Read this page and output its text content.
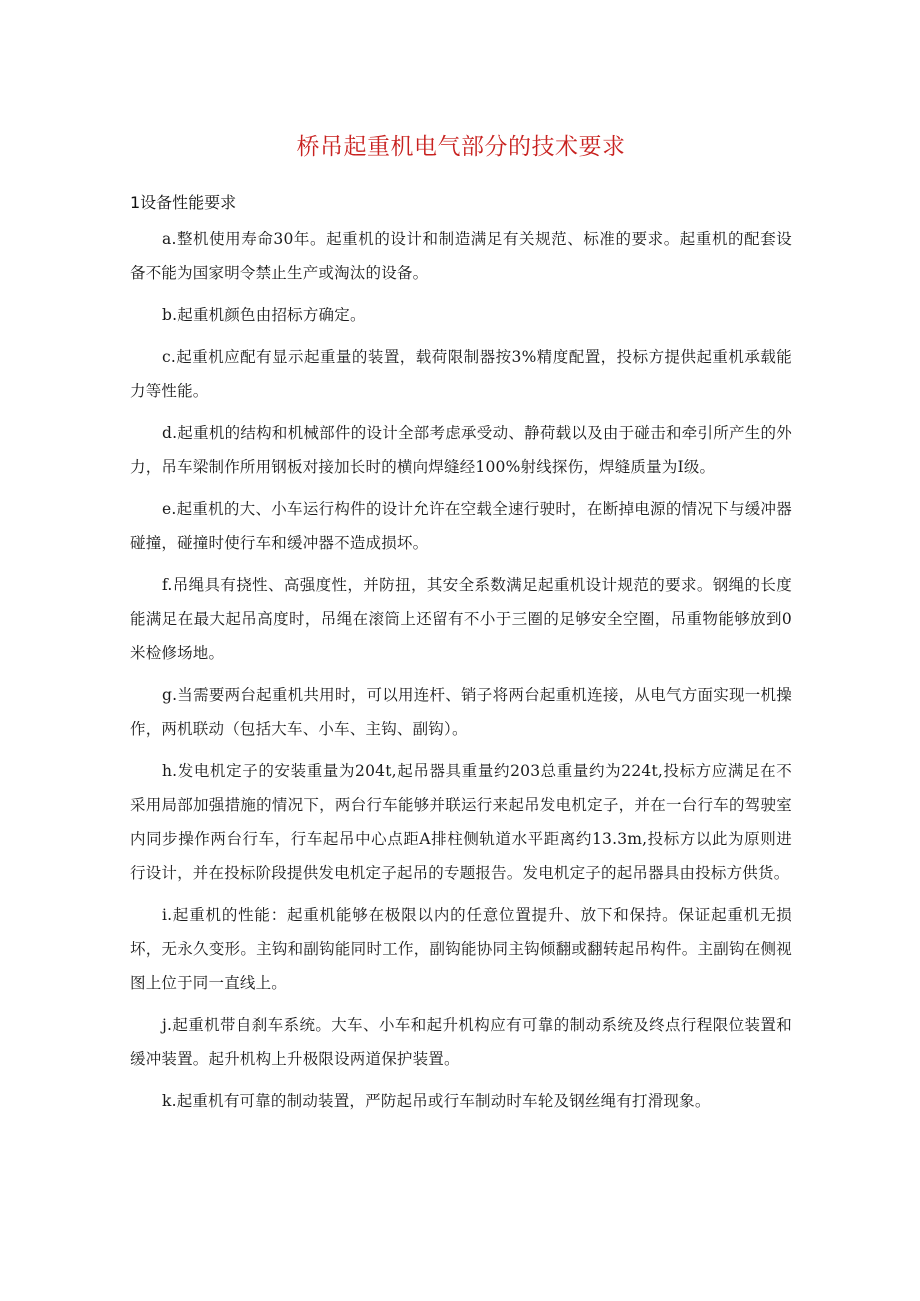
桥吊起重机电气部分的技术要求
1设备性能要求

a.整机使用寿命30年。起重机的设计和制造满足有关规范、标准的要求。起重机的配套设备不能为国家明令禁止生产或淘汰的设备。

b.起重机颜色由招标方确定。

c.起重机应配有显示起重量的装置，载荷限制器按3%精度配置，投标方提供起重机承载能力等性能。

d.起重机的结构和机械部件的设计全部考虑承受动、静荷载以及由于碰击和牵引所产生的外力，吊车梁制作所用钢板对接加长时的横向焊缝经100%射线探伤，焊缝质量为I级。

e.起重机的大、小车运行构件的设计允许在空载全速行驶时，在断掉电源的情况下与缓冲器碰撞，碰撞时使行车和缓冲器不造成损坏。

f.吊绳具有挠性、高强度性，并防扭，其安全系数满足起重机设计规范的要求。钢绳的长度能满足在最大起吊高度时，吊绳在滚筒上还留有不小于三圈的足够安全空圈，吊重物能够放到0米检修场地。

g.当需要两台起重机共用时，可以用连杆、销子将两台起重机连接，从电气方面实现一机操作，两机联动（包括大车、小车、主钩、副钩）。

h.发电机定子的安装重量为204t,起吊器具重量约203总重量约为224t,投标方应满足在不采用局部加强措施的情况下，两台行车能够并联运行来起吊发电机定子，并在一台行车的驾驶室内同步操作两台行车，行车起吊中心点距A排柱侧轨道水平距离约13.3m,投标方以此为原则进行设计，并在投标阶段提供发电机定子起吊的专题报告。发电机定子的起吊器具由投标方供货。

i.起重机的性能：起重机能够在极限以内的任意位置提升、放下和保持。保证起重机无损坏，无永久变形。主钩和副钩能同时工作，副钩能协同主钩倾翻或翻转起吊构件。主副钩在侧视图上位于同一直线上。

j.起重机带自刹车系统。大车、小车和起升机构应有可靠的制动系统及终点行程限位装置和缓冲装置。起升机构上升极限设两道保护装置。

k.起重机有可靠的制动装置，严防起吊或行车制动时车轮及钢丝绳有打滑现象。
